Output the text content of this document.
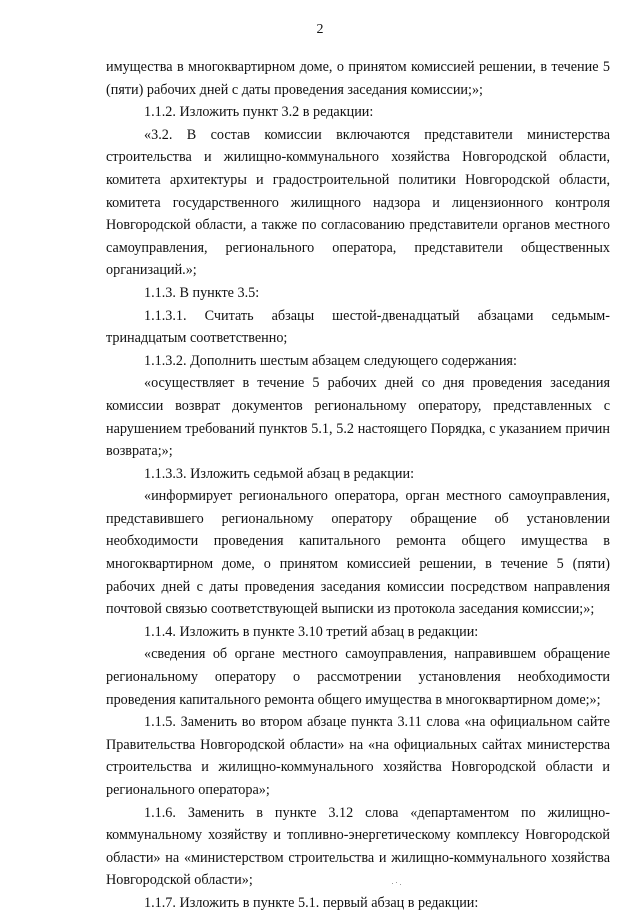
2

имущества в многоквартирном доме, о принятом комиссией решении, в течение 5 (пяти) рабочих дней с даты проведения заседания комиссии;»;

1.1.2. Изложить пункт 3.2 в редакции:

«3.2. В состав комиссии включаются представители министерства строительства и жилищно-коммунального хозяйства Новгородской области, комитета архитектуры и градостроительной политики Новгородской области, комитета государственного жилищного надзора и лицензионного контроля Новгородской области, а также по согласованию представители органов местного самоуправления, регионального оператора, представители общественных организаций.»;

1.1.3. В пункте 3.5:

1.1.3.1. Считать абзацы шестой-двенадцатый абзацами седьмым-тринадцатым соответственно;

1.1.3.2. Дополнить шестым абзацем следующего содержания:

«осуществляет в течение 5 рабочих дней со дня проведения заседания комиссии возврат документов региональному оператору, представленных с нарушением требований пунктов 5.1, 5.2 настоящего Порядка, с указанием причин возврата;»;

1.1.3.3. Изложить седьмой абзац в редакции:

«информирует регионального оператора, орган местного самоуправления, представившего региональному оператору обращение об установлении необходимости проведения капитального ремонта общего имущества в многоквартирном доме, о принятом комиссией решении, в течение 5 (пяти) рабочих дней с даты проведения заседания комиссии посредством направления почтовой связью соответствующей выписки из протокола заседания комиссии;»;

1.1.4. Изложить в пункте 3.10 третий абзац в редакции:

«сведения об органе местного самоуправления, направившем обращение региональному оператору о рассмотрении установления необходимости проведения капитального ремонта общего имущества в многоквартирном доме;»;

1.1.5. Заменить во втором абзаце пункта 3.11 слова «на официальном сайте Правительства Новгородской области» на «на официальных сайтах министерства строительства и жилищно-коммунального хозяйства Новгородской области и регионального оператора»;

1.1.6. Заменить в пункте 3.12 слова «департаментом по жилищно-коммунальному хозяйству и топливно-энергетическому комплексу Новгородской области» на «министерством строительства и жилищно-коммунального хозяйства Новгородской области»;

1.1.7. Изложить в пункте 5.1. первый абзац в редакции:
